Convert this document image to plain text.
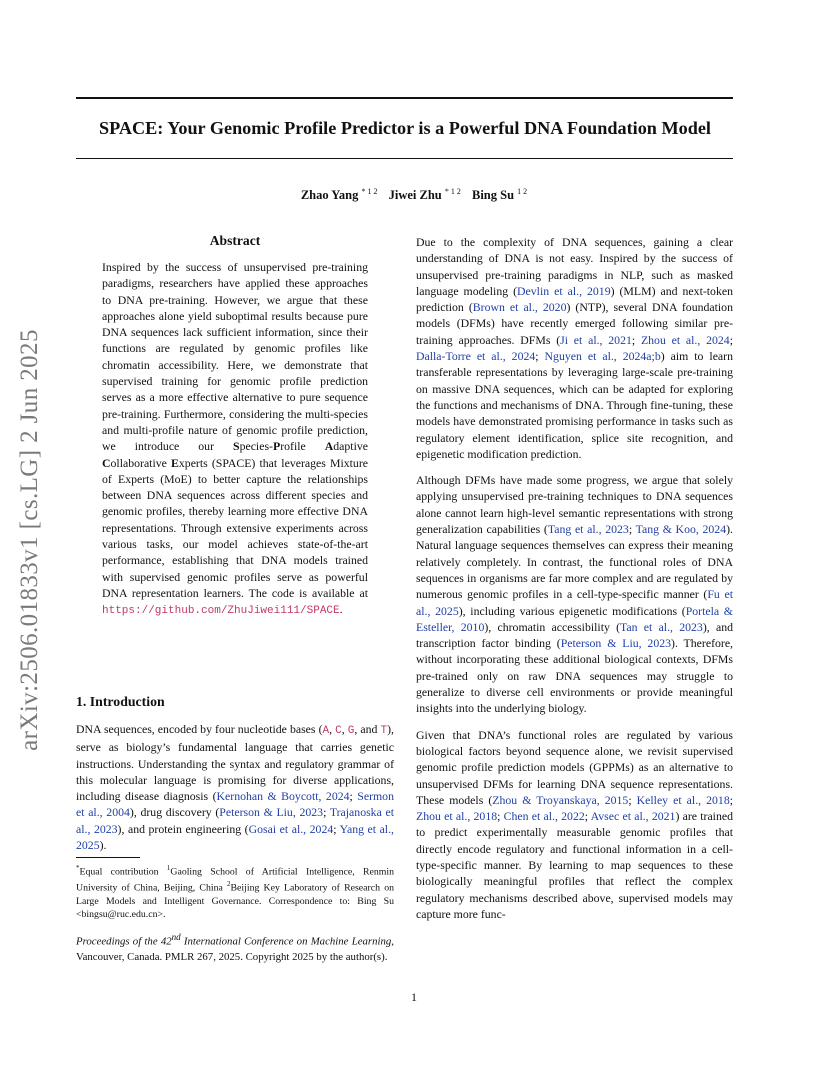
SPACE: Your Genomic Profile Predictor is a Powerful DNA Foundation Model
Zhao Yang $^{* 1 2}$ Jiwei Zhu $^{* 1 2}$ Bing Su $^{1 2}$
arXiv:2506.01833v1 [cs.LG] 2 Jun 2025
Abstract

Inspired by the success of unsupervised pre-training paradigms, researchers have applied these approaches to DNA pre-training. However, we argue that these approaches alone yield suboptimal results because pure DNA sequences lack sufficient information, since their functions are regulated by genomic profiles like chromatin accessibility. Here, we demonstrate that supervised training for genomic profile prediction serves as a more effective alternative to pure sequence pre-training. Furthermore, considering the multi-species and multi-profile nature of genomic profile prediction, we introduce our Species-Profile Adaptive Collaborative Experts (SPACE) that leverages Mixture of Experts (MoE) to better capture the relationships between DNA sequences across different species and genomic profiles, thereby learning more effective DNA representations. Through extensive experiments across various tasks, our model achieves state-of-the-art performance, establishing that DNA models trained with supervised genomic profiles serve as powerful DNA representation learners. The code is available at https://github.com/ZhuJiwei111/SPACE.

1. Introduction

DNA sequences, encoded by four nucleotide bases (A, C, G, and T), serve as biology’s fundamental language that carries genetic instructions. Understanding the syntax and regulatory grammar of this molecular language is promising for diverse applications, including disease diagnosis (Kernohan & Boycott, 2024; Sermon et al., 2004), drug discovery (Peterson & Liu, 2023; Trajanoska et al., 2023), and protein engineering (Gosai et al., 2024; Yang et al., 2025).

*Equal contribution $^1$Gaoling School of Artificial Intelligence, Renmin University of China, Beijing, China $^2$Beijing Key Laboratory of Research on Large Models and Intelligent Governance. Correspondence to: Bing Su <bingsu@ruc.edu.cn>.
Proceedings of the 42nd International Conference on Machine Learning, Vancouver, Canada. PMLR 267, 2025. Copyright 2025 by the author(s).

Due to the complexity of DNA sequences, gaining a clear understanding of DNA is not easy. Inspired by the success of unsupervised pre-training paradigms in NLP, such as masked language modeling (Devlin et al., 2019) (MLM) and next-token prediction (Brown et al., 2020) (NTP), several DNA foundation models (DFMs) have recently emerged following similar pre-training approaches. DFMs (Ji et al., 2021; Zhou et al., 2024; Dalla-Torre et al., 2024; Nguyen et al., 2024a;b) aim to learn transferable representations by leveraging large-scale pre-training on massive DNA sequences, which can be adapted for exploring the functions and mechanisms of DNA. Through fine-tuning, these models have demonstrated promising performance in tasks such as regulatory element identification, splice site recognition, and epigenetic modification prediction.

Although DFMs have made some progress, we argue that solely applying unsupervised pre-training techniques to DNA sequences alone cannot learn high-level semantic representations with strong generalization capabilities (Tang et al., 2023; Tang & Koo, 2024). Natural language sequences themselves can express their meaning relatively completely. In contrast, the functional roles of DNA sequences in organisms are far more complex and are regulated by numerous genomic profiles in a cell-type-specific manner (Fu et al., 2025), including various epigenetic modifications (Portela & Esteller, 2010), chromatin accessibility (Tan et al., 2023), and transcription factor binding (Peterson & Liu, 2023). Therefore, without incorporating these additional biological contexts, DFMs pre-trained only on raw DNA sequences may struggle to generalize to diverse cell environments or provide meaningful insights into the underlying biology.

Given that DNA’s functional roles are regulated by various biological factors beyond sequence alone, we revisit supervised genomic profile prediction models (GPPMs) as an alternative to unsupervised DFMs for learning DNA sequence representations. These models (Zhou & Troyanskaya, 2015; Kelley et al., 2018; Zhou et al., 2018; Chen et al., 2022; Avsec et al., 2021) are trained to predict experimentally measurable genomic profiles that directly encode regulatory and functional information in a cell-type-specific manner. By learning to map sequences to these biologically meaningful profiles that reflect the complex regulatory mechanisms described above, supervised models may capture more func-

1
